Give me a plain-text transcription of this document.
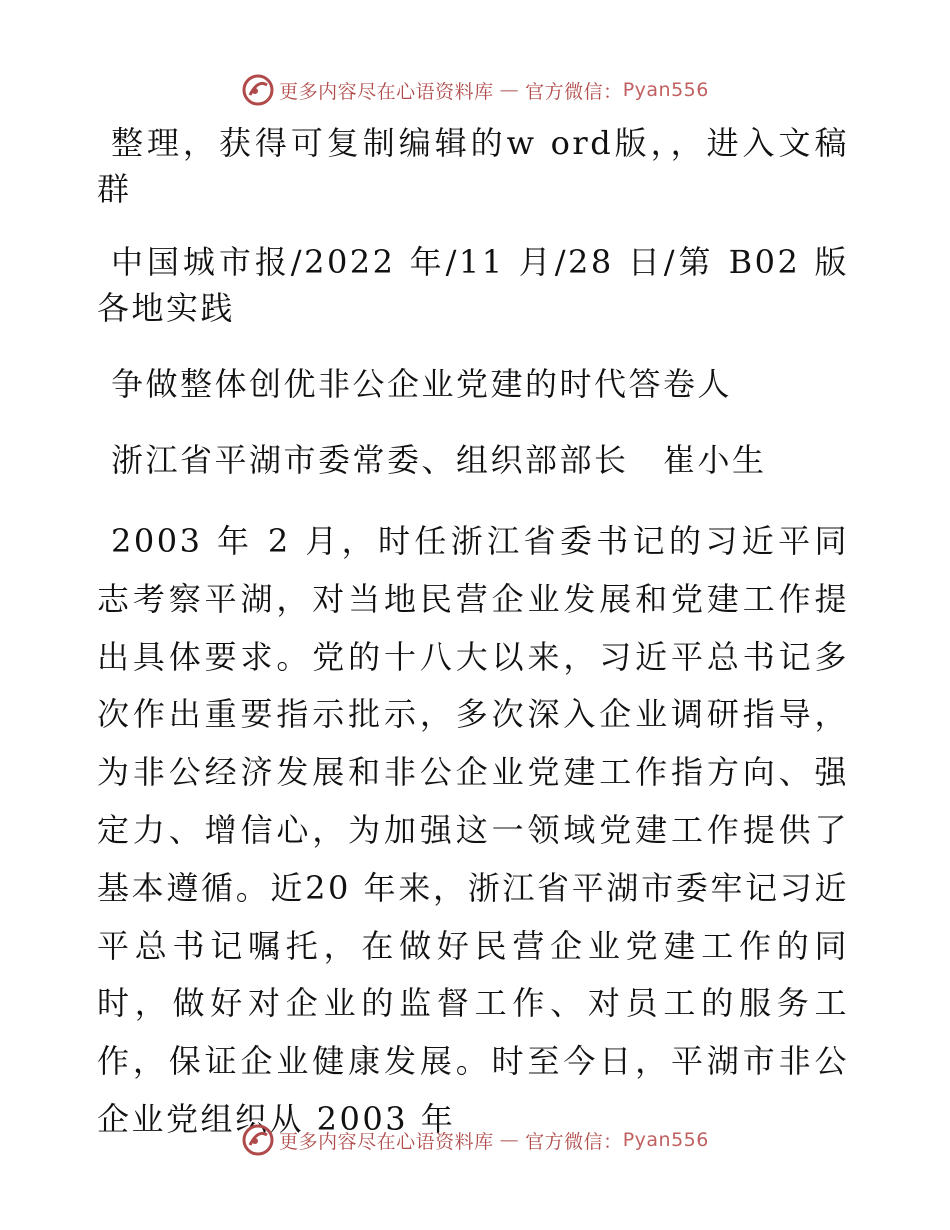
更多内容尽在心语资料库 — 官方微信： Pyan556

整理，获得可复制编辑的w ord版，，进入文稿群

中国城市报/2022 年/11 月/28 日/第 B02 版各地实践

争做整体创优非公企业党建的时代答卷人

浙江省平湖市委常委、组织部部长　崔小生

2003 年 2 月，时任浙江省委书记的习近平同志考察平湖，对当地民营企业发展和党建工作提出具体要求。党的十八大以来，习近平总书记多次作出重要指示批示，多次深入企业调研指导，为非公经济发展和非公企业党建工作指方向、强定力、增信心，为加强这一领域党建工作提供了基本遵循。近20 年来，浙江省平湖市委牢记习近平总书记嘱托，在做好民营企业党建工作的同时，做好对企业的监督工作、对员工的服务工作，保证企业健康发展。时至今日，平湖市非公企业党组织从 2003 年

更多内容尽在心语资料库 — 官方微信： Pyan556
